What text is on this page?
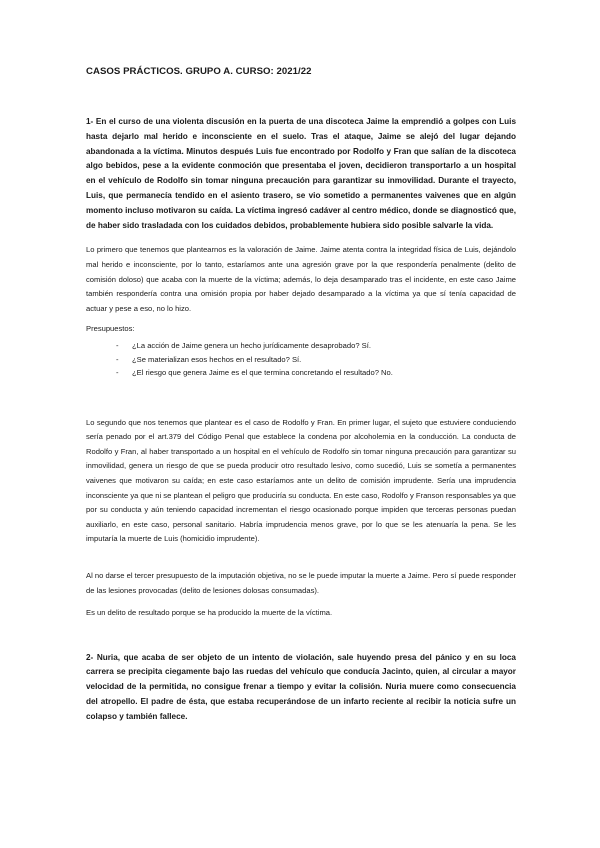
CASOS PRÁCTICOS. GRUPO A. CURSO: 2021/22

1- En el curso de una violenta discusión en la puerta de una discoteca Jaime la emprendió a golpes con Luis hasta dejarlo mal herido e inconsciente en el suelo. Tras el ataque, Jaime se alejó del lugar dejando abandonada a la víctima. Minutos después Luis fue encontrado por Rodolfo y Fran que salían de la discoteca algo bebidos, pese a la evidente conmoción que presentaba el joven, decidieron transportarlo a un hospital en el vehículo de Rodolfo sin tomar ninguna precaución para garantizar su inmovilidad. Durante el trayecto, Luis, que permanecía tendido en el asiento trasero, se vio sometido a permanentes vaivenes que en algún momento incluso motivaron su caída. La víctima ingresó cadáver al centro médico, donde se diagnosticó que, de haber sido trasladada con los cuidados debidos, probablemente hubiera sido posible salvarle la vida.

Lo primero que tenemos que plantearnos es la valoración de Jaime. Jaime atenta contra la integridad física de Luis, dejándolo mal herido e inconsciente, por lo tanto, estaríamos ante una agresión grave por la que respondería penalmente (delito de comisión doloso) que acaba con la muerte de la víctima; además, lo deja desamparado tras el incidente, en este caso Jaime también respondería contra una omisión propia por haber dejado desamparado a la víctima ya que sí tenía capacidad de actuar y pese a eso, no lo hizo.

Presupuestos:

- ¿La acción de Jaime genera un hecho jurídicamente desaprobado? Sí.
- ¿Se materializan esos hechos en el resultado? Sí.
- ¿El riesgo que genera Jaime es el que termina concretando el resultado? No.

Lo segundo que nos tenemos que plantear es el caso de Rodolfo y Fran. En primer lugar, el sujeto que estuviere conduciendo sería penado por el art.379 del Código Penal que establece la condena por alcoholemia en la conducción. La conducta de Rodolfo y Fran, al haber transportado a un hospital en el vehículo de Rodolfo sin tomar ninguna precaución para garantizar su inmovilidad, genera un riesgo de que se pueda producir otro resultado lesivo, como sucedió, Luis se sometía a permanentes vaivenes que motivaron su caída; en este caso estaríamos ante un delito de comisión imprudente. Sería una imprudencia inconsciente ya que ni se plantean el peligro que produciría su conducta. En este caso, Rodolfo y Franson responsables ya que por su conducta y aún teniendo capacidad incrementan el riesgo ocasionado porque impiden que terceras personas puedan auxiliarlo, en este caso, personal sanitario. Habría imprudencia menos grave, por lo que se les atenuaría la pena. Se les imputaría la muerte de Luis (homicidio imprudente).

Al no darse el tercer presupuesto de la imputación objetiva, no se le puede imputar la muerte a Jaime. Pero sí puede responder de las lesiones provocadas (delito de lesiones dolosas consumadas).

Es un delito de resultado porque se ha producido la muerte de la víctima.

2- Nuria, que acaba de ser objeto de un intento de violación, sale huyendo presa del pánico y en su loca carrera se precipita ciegamente bajo las ruedas del vehículo que conducía Jacinto, quien, al circular a mayor velocidad de la permitida, no consigue frenar a tiempo y evitar la colisión. Nuria muere como consecuencia del atropello. El padre de ésta, que estaba recuperándose de un infarto reciente al recibir la noticia sufre un colapso y también fallece.
